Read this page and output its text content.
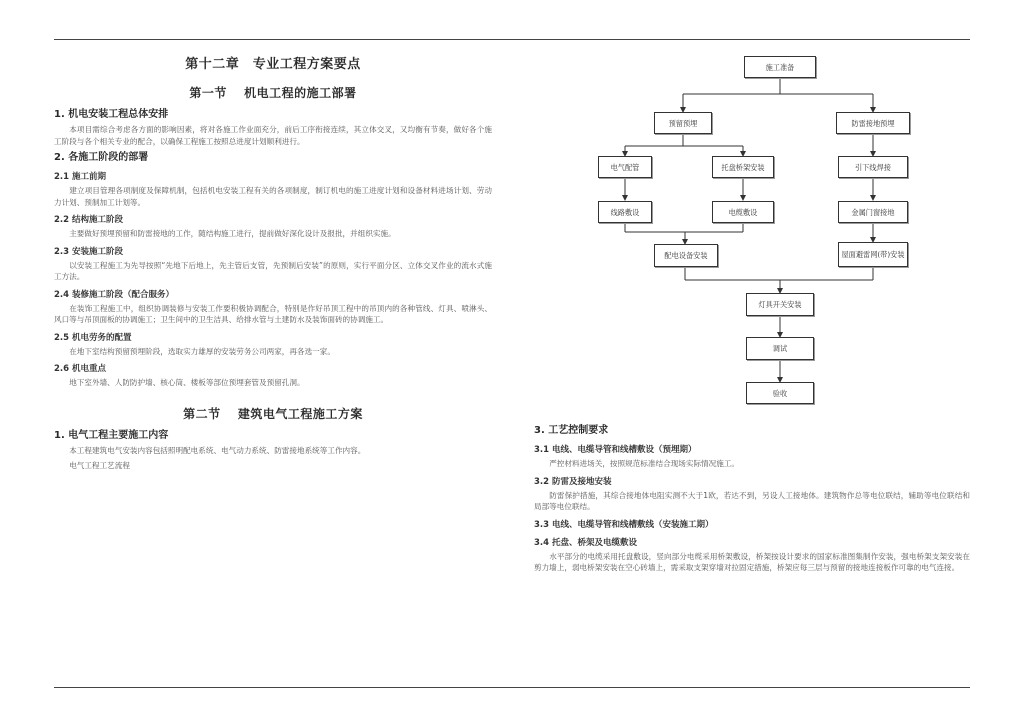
第十二章　专业工程方案要点
第一节　 机电工程的施工部署
1. 机电安装工程总体安排

本项目需综合考虑各方面的影响因素，将对各施工作业面充分，前后工序衔接连续，其立体交叉，又均衡有节奏，做好各个施工阶段与各个相关专业的配合，以确保工程施工按照总进度计划顺利进行。

2. 各施工阶段的部署
2.1 施工前期

建立项目管理各项制度及保障机制，包括机电安装工程有关的各项制度，制订机电的施工进度计划和设备材料进场计划、劳动力计划、预制加工计划等。

2.2 结构施工阶段

主要做好预埋预留和防雷接地的工作，随结构施工进行，提前做好深化设计及报批，并组织实施。

2.3 安装施工阶段

以安装工程施工为先导按照“先地下后地上，先主管后支管，先预制后安装”的原则，实行平面分区、立体交叉作业的流水式施工方法。

2.4 装修施工阶段（配合服务）

在装饰工程施工中，组织协调装修与安装工作要积极协调配合，特别是作好吊顶工程中的吊顶内的各种管线、灯具、喷淋头、风口等与吊顶面板的协调施工；卫生间中的卫生洁具、给排水管与土建防水及装饰面砖的协调施工。

2.5 机电劳务的配置

在地下室结构预留预埋阶段，选取实力雄厚的安装劳务公司两家，再各选一家。

2.6 机电重点

地下室外墙、人防防护墙、核心筒、楼板等部位预埋套管及预留孔洞。

第二节　 建筑电气工程施工方案
1. 电气工程主要施工内容

本工程建筑电气安装内容包括照明配电系统、电气动力系统、防雷接地系统等工作内容。

电气工程工艺流程

施工准备
预留预埋	防雷接地预埋
电气配管	托盘桥架安装	引下线焊接
线路敷设	电缆敷设	金属门窗接地
配电设备安装	屋面避雷网(带)安装
灯具开关安装
调试
验收
3. 工艺控制要求
3.1 电线、电缆导管和线槽敷设（预埋期）

严控材料进场关，按照规范标准结合现场实际情况施工。

3.2 防雷及接地安装

防雷保护措施，其综合接地体电阻实测不大于1欧，若达不到，另设人工接地体。建筑物作总等电位联结，辅助等电位联结和局部等电位联结。

3.3 电线、电缆导管和线槽敷线（安装施工期）
3.4 托盘、桥架及电缆敷设

水平部分的电缆采用托盘敷设，竖向部分电缆采用桥架敷设，桥架按设计要求的国家标准图集制作安装，强电桥架支架安装在剪力墙上，弱电桥架安装在空心砖墙上，需采取支架穿墙对拉固定措施，桥架应每三层与预留的接地连接板作可靠的电气连接。
